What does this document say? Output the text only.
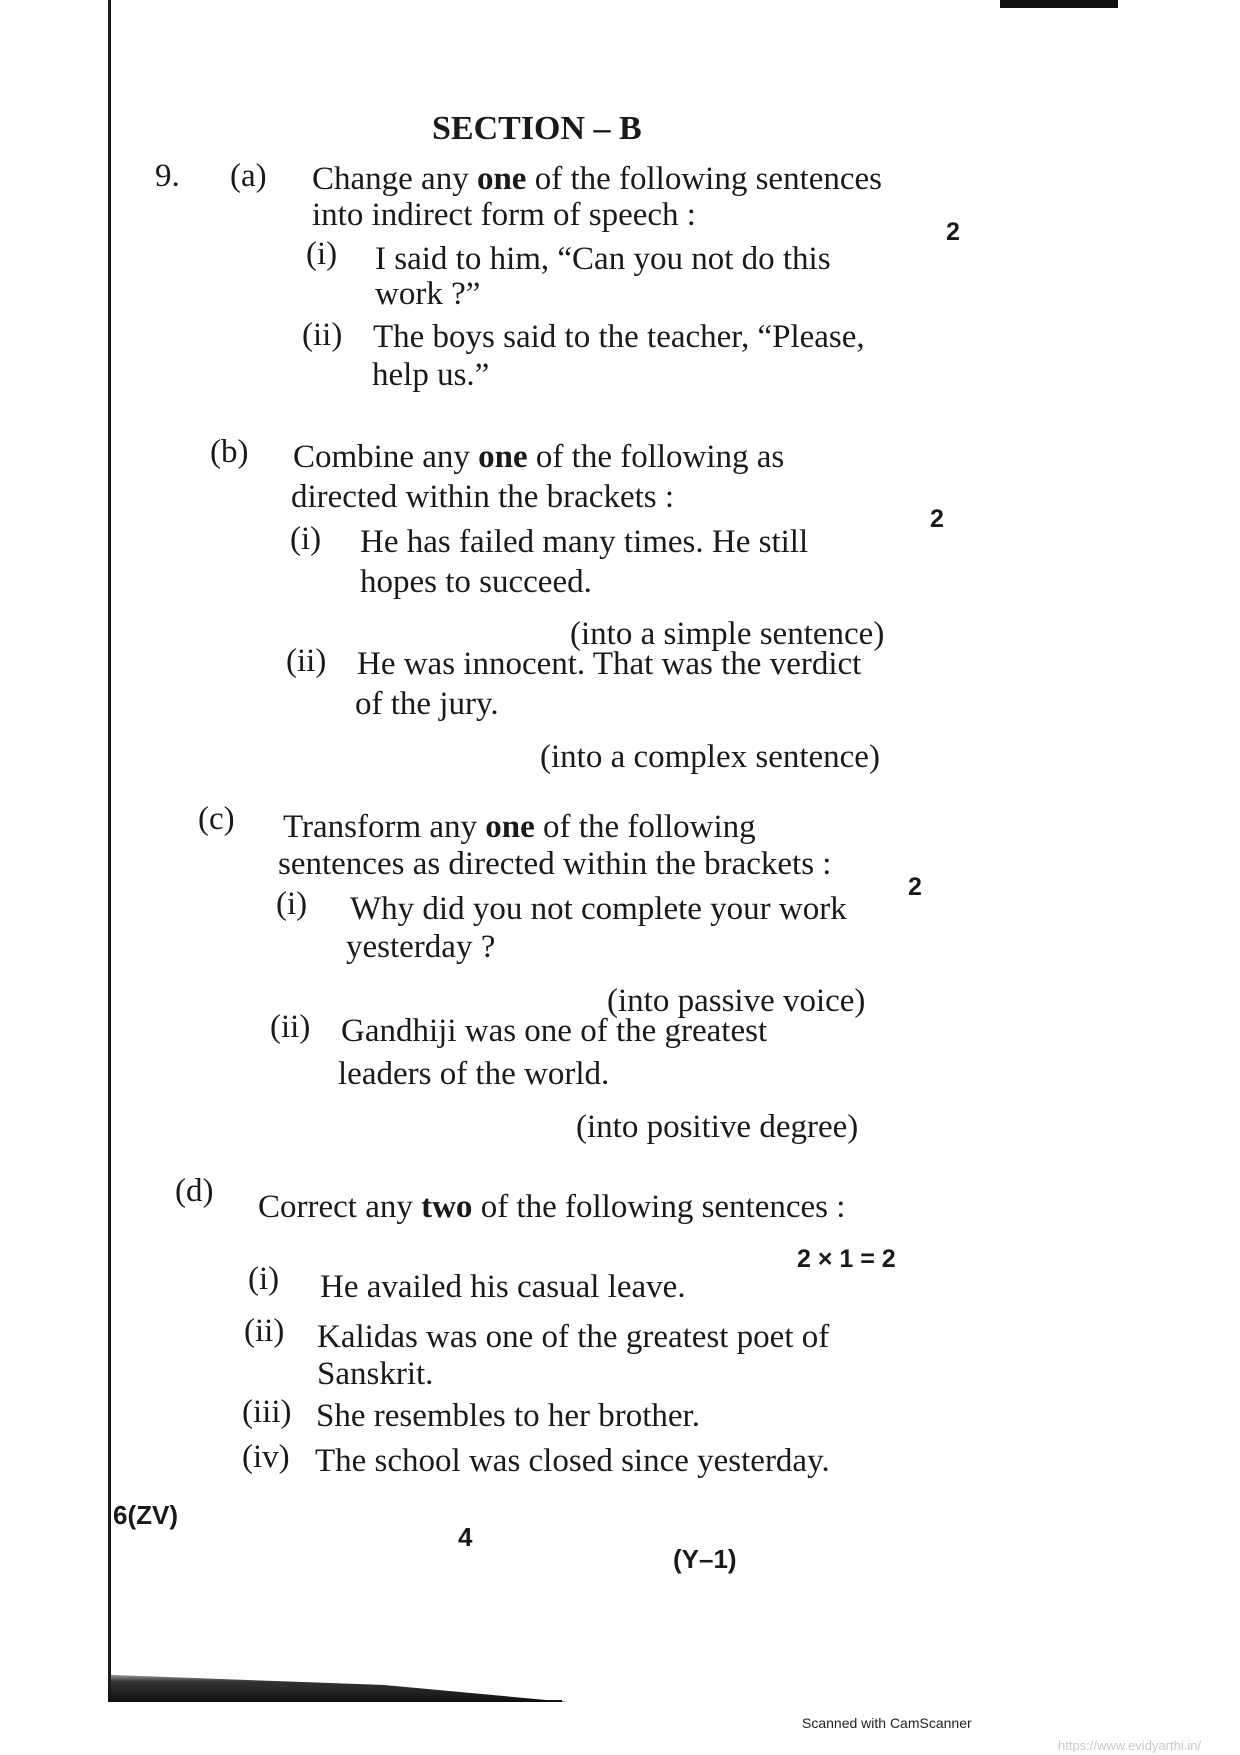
SECTION – B
9. (a) Change any one of the following sentences
into indirect form of speech :	2
(i) I said to him, “Can you not do this
work ?”
(ii) The boys said to the teacher, “Please,
help us.”
(b) Combine any one of the following as
directed within the brackets :
2
(i) He has failed many times. He still
hopes to succeed.
(into a simple sentence)
(ii) He was innocent. That was the verdict
of the jury.
(into a complex sentence)
(c) Transform any one of the following
sentences as directed within the brackets :
2
(i) Why did you not complete your work
yesterday ?
(into passive voice)
(ii) Gandhiji was one of the greatest
leaders of the world.
(into positive degree)
(d) Correct any two of the following sentences :
2 × 1 = 2
(i) He availed his casual leave.
(ii) Kalidas was one of the greatest poet of
Sanskrit.
(iii) She resembles to her brother.
(iv) The school was closed since yesterday.
6(ZV)
4
(Y–1)
Scanned with CamScanner
https://www.evidyarthi.in/
